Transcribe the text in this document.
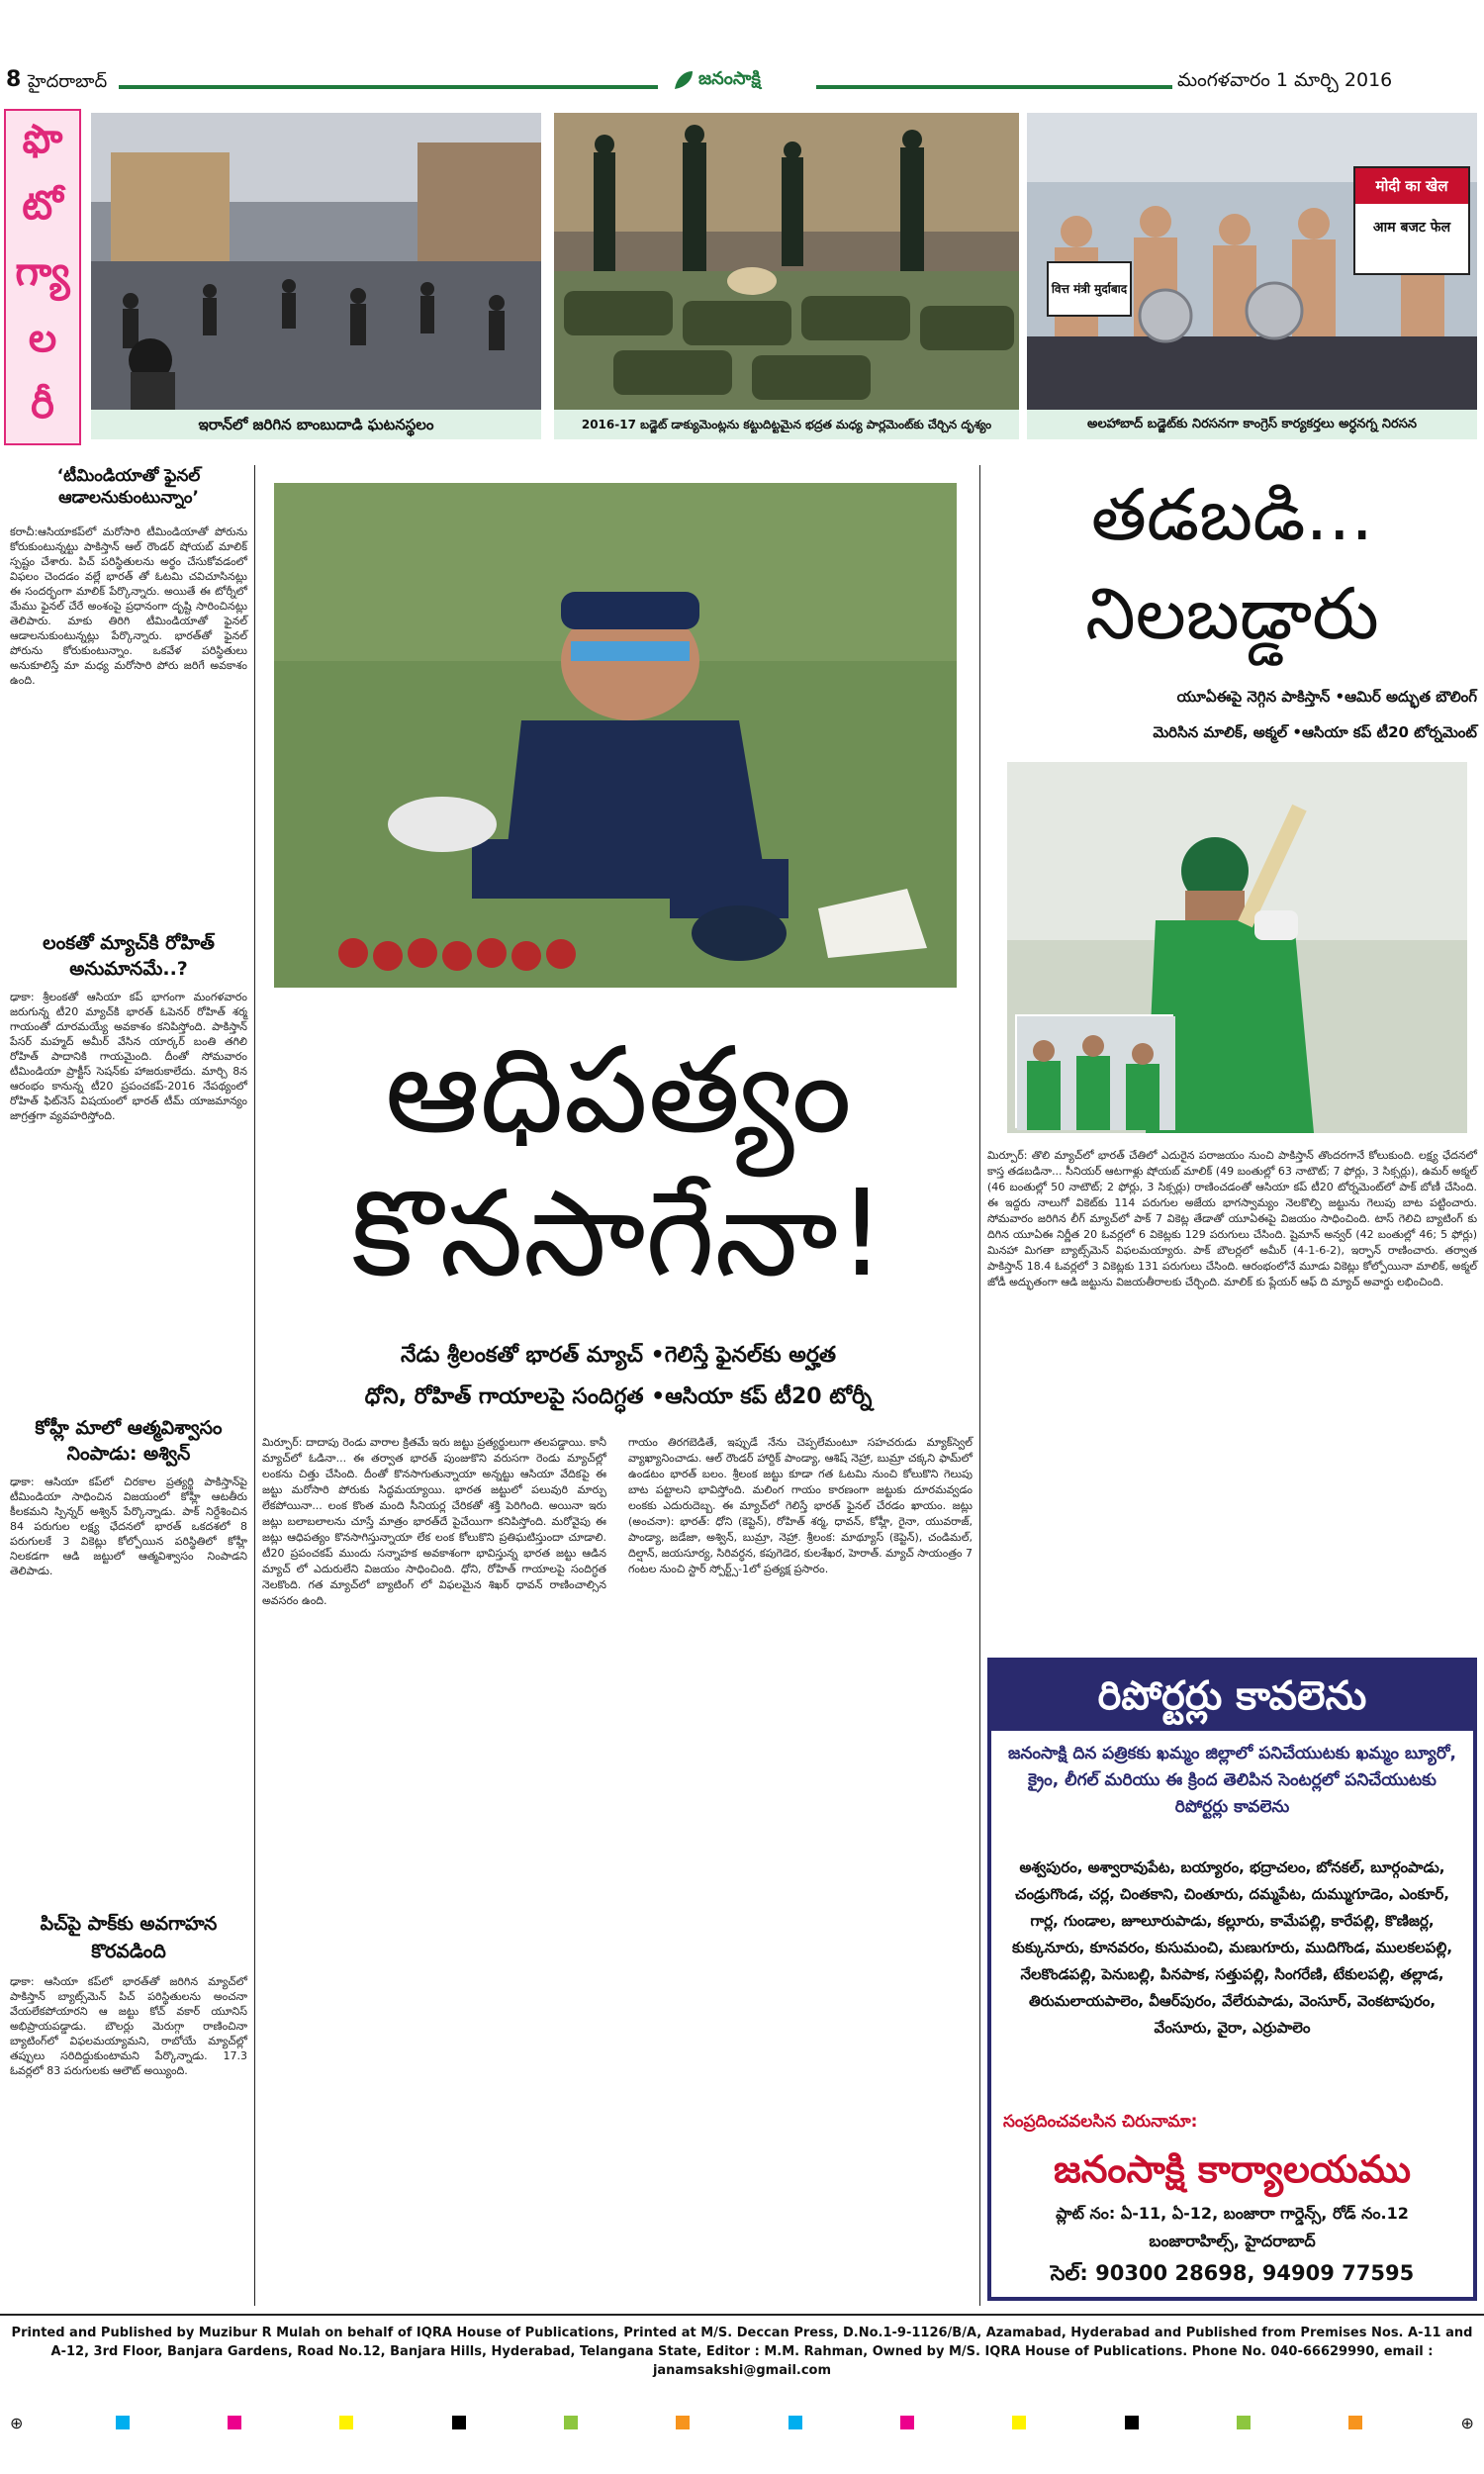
8 హైదరాబాద్	జనంసాక్షి	మంగళవారం 1 మార్చి 2016
ఫొ
టో
గ్యా
ల
రీ	ఇరాన్‌లో జరిగిన బాంబుదాడి ఘటనస్థలం	2016-17 బడ్జెట్ డాక్యుమెంట్లను కట్టుదిట్టమైన భద్రత మధ్య పార్లమెంట్‌కు చేర్చిన దృశ్యం
वित्त मंत्री मुर्दाबाद
मोदी का खेल
आम बजट फेल
అలహాబాద్ బడ్జెట్‌కు నిరసనగా కాంగ్రెస్ కార్యకర్తలు అర్ధనగ్న నిరసన
‘టీమిండియాతో ఫైనల్ ఆడాలనుకుంటున్నాం’
కరాచీ:ఆసియాకప్‌లో మరోసారి టీమిండియాతో పోరును కోరుకుంటున్నట్టు పాకిస్తాన్ ఆల్ రౌండర్ షోయబ్ మాలిక్ స్పష్టం చేశారు. పిచ్ పరిస్థితులను అర్థం చేసుకోవడంలో విఫలం చెందడం వల్లే భారత్ తో ఓటమి చవిచూసినట్లు ఈ సందర్భంగా మాలిక్ పేర్కొన్నారు. అయితే ఈ టోర్నీలో మేము ఫైనల్ చేరే అంశంపై ప్రధానంగా దృష్టి సారించినట్లు తెలిపారు. మాకు తిరిగి టీమిండియాతో ఫైనల్ ఆడాలనుకుంటున్నట్లు పేర్కొన్నారు. భారత్‌తో ఫైనల్ పోరును కోరుకుంటున్నాం. ఒకవేళ పరిస్థితులు అనుకూలిస్తే మా మధ్య మరోసారి పోరు జరిగే అవకాశం ఉంది.
లంకతో మ్యాచ్‌కి రోహిత్ అనుమానమే..?
ఢాకా: శ్రీలంకతో ఆసియా కప్ భాగంగా మంగళవారం జరుగున్న టీ20 మ్యాచ్‌కి భారత్ ఓపెనర్ రోహిత్ శర్మ గాయంతో దూరమయ్యే అవకాశం కనిపిస్తోంది. పాకిస్తాన్ పేసర్ మహ్మద్ అమీర్ వేసిన యార్కర్ బంతి తగిలి రోహిత్ పాదానికి గాయమైంది. దీంతో సోమవారం టీమిండియా ప్రాక్టీస్ సెషన్‌కు హాజరుకాలేదు. మార్చి 8న ఆరంభం కానున్న టీ20 ప్రపంచకప్‌-2016 నేపథ్యంలో రోహిత్ ఫిట్‌నెస్ విషయంలో భారత్ టీమ్ యాజమాన్యం జాగ్రత్తగా వ్యవహరిస్తోంది.
కోహ్లీ మాలో ఆత్మవిశ్వాసం నింపాడు: అశ్విన్
ఢాకా: ఆసియా కప్‌లో చిరకాల ప్రత్యర్థి పాకిస్తాన్‌పై టీమిండియా సాధించిన విజయంలో కోహ్లీ ఆటతీరు కీలకమని స్పిన్నర్ అశ్విన్ పేర్కొన్నాడు. పాక్ నిర్దేశించిన 84 పరుగుల లక్ష్య ఛేదనలో భారత్ ఒకదశలో 8 పరుగులకే 3 వికెట్లు కోల్పోయిన పరిస్థితిలో కోహ్లీ నిలకడగా ఆడి జట్టులో ఆత్మవిశ్వాసం నింపాడని తెలిపాడు.
పిచ్‌పై పాక్‌కు అవగాహన కొరవడింది
ఢాకా: ఆసియా కప్‌లో భారత్‌తో జరిగిన మ్యాచ్‌లో పాకిస్తాన్ బ్యాట్స్‌మెన్ పిచ్ పరిస్థితులను అంచనా వేయలేకపోయారని ఆ జట్టు కోచ్ వకార్ యూనిస్ అభిప్రాయపడ్డాడు. బౌలర్లు మెరుగ్గా రాణించినా బ్యాటింగ్‌లో విఫలమయ్యామని, రాబోయే మ్యాచ్‌ల్లో తప్పులు సరిదిద్దుకుంటామని పేర్కొన్నాడు. 17.3 ఓవర్లలో 83 పరుగులకు ఆలౌట్ అయ్యింది.
ఆధిపత్యం
కొనసాగేనా!
నేడు శ్రీలంకతో భారత్ మ్యాచ్ •గెలిస్తే ఫైనల్‌కు అర్హత
ధోని, రోహిత్ గాయాలపై సందిగ్ధత •ఆసియా కప్ టీ20 టోర్నీ
మిర్పూర్: దాదాపు రెండు వారాల క్రితమే ఇరు జట్టు ప్రత్యర్థులుగా తలపడ్డాయి. కానీ మ్యాచ్‌లో ఓడినా... ఈ తర్వాత భారత్ పుంజుకొని వరుసగా రెండు మ్యాచ్‌ల్లో లంకను చిత్తు చేసింది. దీంతో కొనసాగుతున్నాయా అన్నట్టు ఆసియా వేదికపై ఈ జట్టు మరోసారి పోరుకు సిద్ధమయ్యాయి. భారత జట్టులో పలువురి మార్పు లేకపోయినా... లంక కొంత మంది సీనియర్ల చేరికతో శక్తి పెరిగింది. అయినా ఇరు జట్లు బలాబలాలను చూస్తే మాత్రం భారత్‌దే పైచేయిగా కనిపిస్తోంది. మరోవైపు ఈ జట్లు ఆధిపత్యం కొనసాగిస్తున్నాయా లేక లంక కోలుకొని ప్రతిఘటిస్తుందా చూడాలి. టీ20 ప్రపంచకప్ ముందు సన్నాహక అవకాశంగా భావిస్తున్న భారత జట్టు ఆడిన మ్యాచ్ లో ఎదురులేని విజయం సాధించింది. ధోని, రోహిత్ గాయాలపై సందిగ్ధత నెలకొంది. గత మ్యాచ్‌లో బ్యాటింగ్ లో విఫలమైన శిఖర్ ధావన్ రాణించాల్సిన అవసరం ఉంది.
గాయం తిరగబెడితే, ఇప్పుడే నేను చెప్పలేమంటూ సహచరుడు మ్యాక్‌స్వెల్ వ్యాఖ్యానించాడు. ఆల్ రౌండర్ హార్దిక్ పాండ్యా, ఆశిష్ నెహ్రా, బుమ్రా చక్కని ఫామ్‌లో ఉండటం భారత్ బలం. శ్రీలంక జట్టు కూడా గత ఓటమి నుంచి కోలుకొని గెలుపు బాట పట్టాలని భావిస్తోంది. మలింగ గాయం కారణంగా జట్టుకు దూరమవ్వడం లంకకు ఎదురుదెబ్బ. ఈ మ్యాచ్‌లో గెలిస్తే భారత్ ఫైనల్ చేరడం ఖాయం. జట్లు (అంచనా): భారత్: ధోని (కెప్టెన్), రోహిత్ శర్మ, ధావన్, కోహ్లీ, రైనా, యువరాజ్, పాండ్యా, జడేజా, అశ్విన్, బుమ్రా, నెహ్రా. శ్రీలంక: మాథ్యూస్ (కెప్టెన్), చండిమల్, దిల్షాన్, జయసూర్య, సిరివర్ధన, కపుగెడెర, కులశేఖర, హెరాత్. మ్యాచ్ సాయంత్రం 7 గంటల నుంచి స్టార్ స్పోర్ట్స్-1లో ప్రత్యక్ష ప్రసారం.
తడబడి...
నిలబడ్డారు
యూఏఈపై నెగ్గిన పాకిస్తాన్ •ఆమిర్ అద్భుత బౌలింగ్
మెరిసిన మాలిక్, అక్మల్ •ఆసియా కప్ టీ20 టోర్నమెంట్
మిర్పూర్: తొలి మ్యాచ్‌లో భారత్ చేతిలో ఎదురైన పరాజయం నుంచి పాకిస్తాన్ తొందరగానే కోలుకుంది. లక్ష్య ఛేదనలో కాస్త తడబడినా... సీనియర్ ఆటగాళ్లు షోయబ్ మాలిక్ (49 బంతుల్లో 63 నాటౌట్; 7 ఫోర్లు, 3 సిక్సర్లు), ఉమర్ అక్మల్ (46 బంతుల్లో 50 నాటౌట్; 2 ఫోర్లు, 3 సిక్సర్లు) రాణించడంతో ఆసియా కప్ టీ20 టోర్నమెంట్‌లో పాక్ బోణీ చేసింది. ఈ ఇద్దరు నాలుగో వికెట్‌కు 114 పరుగుల అజేయ భాగస్వామ్యం నెలకొల్పి జట్టును గెలుపు బాట పట్టించారు. సోమవారం జరిగిన లీగ్ మ్యాచ్‌లో పాక్ 7 వికెట్ల తేడాతో యూఏఈపై విజయం సాధించింది. టాస్ గెలిచి బ్యాటింగ్ కు దిగిన యూఏఈ నిర్ణీత 20 ఓవర్లలో 6 వికెట్లకు 129 పరుగులు చేసింది. షైమాన్ అన్వర్ (42 బంతుల్లో 46; 5 ఫోర్లు) మినహా మిగతా బ్యాట్స్‌మెన్ విఫలమయ్యారు. పాక్ బౌలర్లలో అమీర్ (4-1-6-2), ఇర్ఫాన్ రాణించారు. తర్వాత పాకిస్తాన్ 18.4 ఓవర్లలో 3 వికెట్లకు 131 పరుగులు చేసింది. ఆరంభంలోనే మూడు వికెట్లు కోల్పోయినా మాలిక్, అక్మల్ జోడీ అద్భుతంగా ఆడి జట్టును విజయతీరాలకు చేర్చింది. మాలిక్ కు ప్లేయర్ ఆఫ్ ది మ్యాచ్ అవార్డు లభించింది.
రిపోర్టర్లు కావలెను
జనంసాక్షి దిన పత్రికకు ఖమ్మం జిల్లాలో పనిచేయుటకు ఖమ్మం బ్యూరో, క్రైం, లీగల్ మరియు ఈ క్రింద తెలిపిన సెంటర్లలో పనిచేయుటకు రిపోర్టర్లు కావలెను
అశ్వపురం, అశ్వారావుపేట, బయ్యారం, భద్రాచలం, బోనకల్, బూర్గంపాడు, చండ్రుగొండ, చర్ల, చింతకాని, చింతూరు, దమ్మపేట, దుమ్ముగూడెం, ఎంకూర్, గార్ల, గుండాల, జూలూరుపాడు, కల్లూరు, కామేపల్లి, కారేపల్లి, కొణిజర్ల, కుక్కునూరు, కూనవరం, కుసుమంచి, మణుగూరు, ముదిగొండ, ములకలపల్లి, నేలకొండపల్లి, పెనుబల్లి, పినపాక, సత్తుపల్లి, సింగరేణి, టేకులపల్లి, తల్లాడ, తిరుమలాయపాలెం, వీఆర్‌పురం, వేలేరుపాడు, వెంసూర్, వెంకటాపురం, వేంసూరు, వైరా, ఎర్రుపాలెం
సంప్రదించవలసిన చిరునామా:
జనంసాక్షి కార్యాలయము
ప్లాట్ నం: ఏ-11, ఏ-12, బంజారా గార్డెన్స్, రోడ్ నం.12
బంజారాహిల్స్, హైదరాబాద్
సెల్: 90300 28698, 94909 77595
Printed and Published by Muzibur R Mulah on behalf of IQRA House of Publications, Printed at M/S. Deccan Press, D.No.1-9-1126/B/A, Azamabad, Hyderabad and Published from Premises Nos. A-11 and A-12, 3rd Floor, Banjara Gardens, Road No.12, Banjara Hills, Hyderabad, Telangana State, Editor : M.M. Rahman, Owned by M/S. IQRA House of Publications. Phone No. 040-66629990, email : janamsakshi@gmail.com
⊕	⊕
